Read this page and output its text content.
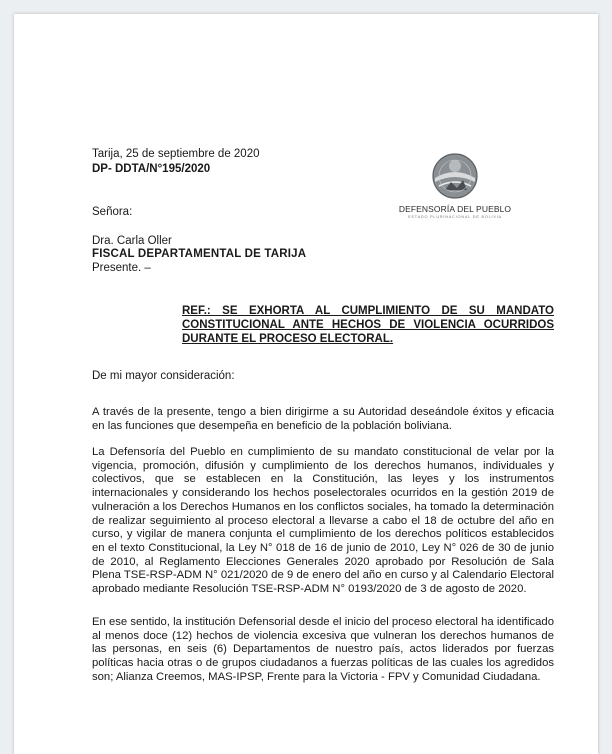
Tarija, 25 de septiembre de 2020
DP- DDTA/N°195/2020
DEFENSORÍA DEL PUEBLO
ESTADO PLURINACIONAL DE BOLIVIA
Señora:
Dra. Carla Oller
FISCAL DEPARTAMENTAL DE TARIJA
Presente. –
REF.: SE EXHORTA AL CUMPLIMIENTO DE SU MANDATO CONSTITUCIONAL ANTE HECHOS DE VIOLENCIA OCURRIDOS DURANTE EL PROCESO ELECTORAL.
De mi mayor consideración:
A través de la presente, tengo a bien dirigirme a su Autoridad deseándole éxitos y eficacia en las funciones que desempeña en beneficio de la población boliviana.
La Defensoría del Pueblo en cumplimiento de su mandato constitucional de velar por la vigencia, promoción, difusión y cumplimiento de los derechos humanos, individuales y colectivos, que se establecen en la Constitución, las leyes y los instrumentos internacionales y considerando los hechos poselectorales ocurridos en la gestión 2019 de vulneración a los Derechos Humanos en los conflictos sociales, ha tomado la determinación de realizar seguimiento al proceso electoral a llevarse a cabo el 18 de octubre del año en curso, y vigilar de manera conjunta el cumplimiento de los derechos políticos establecidos en el texto Constitucional, la Ley N° 018 de 16 de junio de 2010, Ley N° 026 de 30 de junio de 2010, al Reglamento Elecciones Generales 2020 aprobado por Resolución de Sala Plena TSE-RSP-ADM N° 021/2020 de 9 de enero del año en curso y al Calendario Electoral aprobado mediante Resolución TSE-RSP-ADM N° 0193/2020 de 3 de agosto de 2020.
En ese sentido, la institución Defensorial desde el inicio del proceso electoral ha identificado al menos doce (12) hechos de violencia excesiva que vulneran los derechos humanos de las personas, en seis (6) Departamentos de nuestro país, actos liderados por fuerzas políticas hacia otras o de grupos ciudadanos a fuerzas políticas de las cuales los agredidos son; Alianza Creemos, MAS-IPSP, Frente para la Victoria - FPV y Comunidad Ciudadana.
